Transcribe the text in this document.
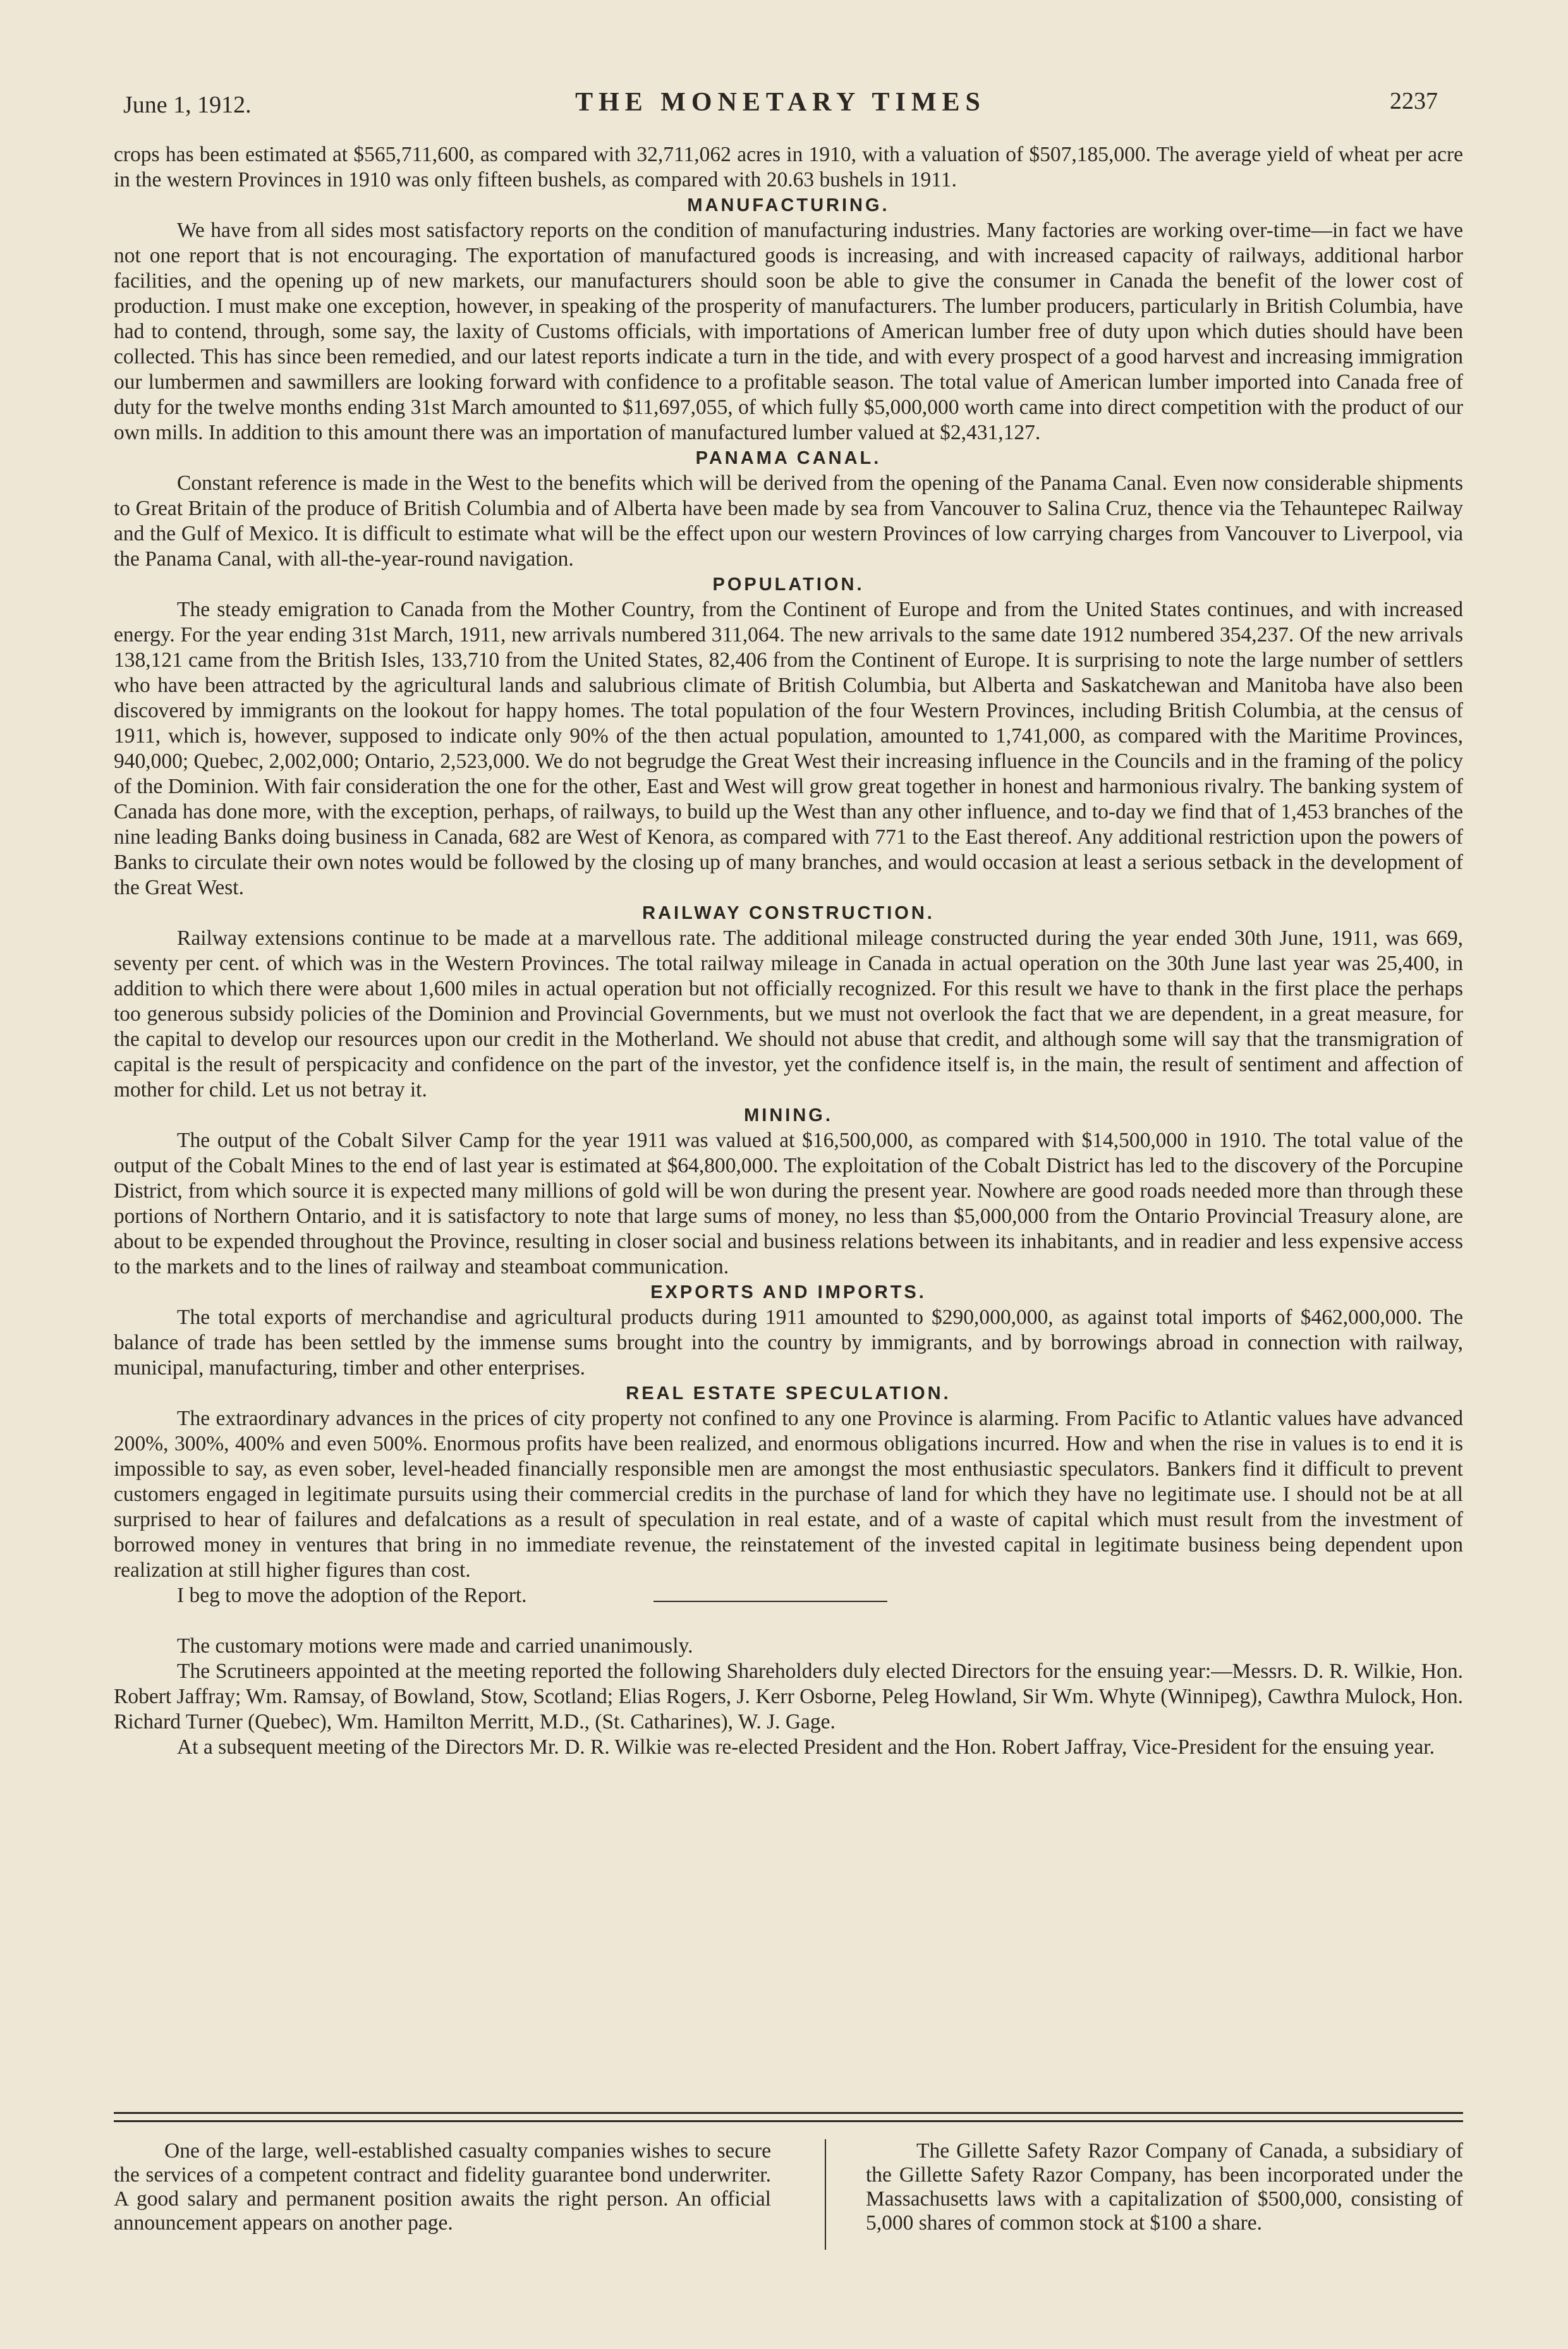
June 1, 1912.	THE MONETARY TIMES	2237

crops has been estimated at $565,711,600, as compared with 32,711,062 acres in 1910, with a valuation of $507,185,000. The average yield of wheat per acre in the western Provinces in 1910 was only fifteen bushels, as compared with 20.63 bushels in 1911.

MANUFACTURING.

We have from all sides most satisfactory reports on the condition of manufacturing industries. Many factories are working over-time—in fact we have not one report that is not encouraging. The exportation of manufactured goods is increasing, and with increased capacity of railways, additional harbor facilities, and the opening up of new markets, our manufacturers should soon be able to give the consumer in Canada the benefit of the lower cost of production. I must make one exception, however, in speaking of the prosperity of manufacturers. The lumber producers, particularly in British Columbia, have had to contend, through, some say, the laxity of Customs officials, with importations of American lumber free of duty upon which duties should have been collected. This has since been remedied, and our latest reports indicate a turn in the tide, and with every prospect of a good harvest and increasing immigration our lumbermen and sawmillers are looking forward with confidence to a profitable season. The total value of American lumber imported into Canada free of duty for the twelve months ending 31st March amounted to $11,697,055, of which fully $5,000,000 worth came into direct competition with the product of our own mills. In addition to this amount there was an importation of manufactured lumber valued at $2,431,127.

PANAMA CANAL.

Constant reference is made in the West to the benefits which will be derived from the opening of the Panama Canal. Even now considerable shipments to Great Britain of the produce of British Columbia and of Alberta have been made by sea from Vancouver to Salina Cruz, thence via the Tehauntepec Railway and the Gulf of Mexico. It is difficult to estimate what will be the effect upon our western Provinces of low carrying charges from Vancouver to Liverpool, via the Panama Canal, with all-the-year-round navigation.

POPULATION.

The steady emigration to Canada from the Mother Country, from the Continent of Europe and from the United States continues, and with increased energy. For the year ending 31st March, 1911, new arrivals numbered 311,064. The new arrivals to the same date 1912 numbered 354,237. Of the new arrivals 138,121 came from the British Isles, 133,710 from the United States, 82,406 from the Continent of Europe. It is surprising to note the large number of settlers who have been attracted by the agricultural lands and salubrious climate of British Columbia, but Alberta and Saskatchewan and Manitoba have also been discovered by immigrants on the lookout for happy homes. The total population of the four Western Provinces, including British Columbia, at the census of 1911, which is, however, supposed to indicate only 90% of the then actual population, amounted to 1,741,000, as compared with the Maritime Provinces, 940,000; Quebec, 2,002,000; Ontario, 2,523,000. We do not begrudge the Great West their increasing influence in the Councils and in the framing of the policy of the Dominion. With fair consideration the one for the other, East and West will grow great together in honest and harmonious rivalry. The banking system of Canada has done more, with the exception, perhaps, of railways, to build up the West than any other influence, and to-day we find that of 1,453 branches of the nine leading Banks doing business in Canada, 682 are West of Kenora, as compared with 771 to the East thereof. Any additional restriction upon the powers of Banks to circulate their own notes would be followed by the closing up of many branches, and would occasion at least a serious setback in the development of the Great West.

RAILWAY CONSTRUCTION.

Railway extensions continue to be made at a marvellous rate. The additional mileage constructed during the year ended 30th June, 1911, was 669, seventy per cent. of which was in the Western Provinces. The total railway mileage in Canada in actual operation on the 30th June last year was 25,400, in addition to which there were about 1,600 miles in actual operation but not officially recognized. For this result we have to thank in the first place the perhaps too generous subsidy policies of the Dominion and Provincial Governments, but we must not overlook the fact that we are dependent, in a great measure, for the capital to develop our resources upon our credit in the Motherland. We should not abuse that credit, and although some will say that the transmigration of capital is the result of perspicacity and confidence on the part of the investor, yet the confidence itself is, in the main, the result of sentiment and affection of mother for child. Let us not betray it.

MINING.

The output of the Cobalt Silver Camp for the year 1911 was valued at $16,500,000, as compared with $14,500,000 in 1910. The total value of the output of the Cobalt Mines to the end of last year is estimated at $64,800,000. The exploitation of the Cobalt District has led to the discovery of the Porcupine District, from which source it is expected many millions of gold will be won during the present year. Nowhere are good roads needed more than through these portions of Northern Ontario, and it is satisfactory to note that large sums of money, no less than $5,000,000 from the Ontario Provincial Treasury alone, are about to be expended throughout the Province, resulting in closer social and business relations between its inhabitants, and in readier and less expensive access to the markets and to the lines of railway and steamboat communication.

EXPORTS AND IMPORTS.

The total exports of merchandise and agricultural products during 1911 amounted to $290,000,000, as against total imports of $462,000,000. The balance of trade has been settled by the immense sums brought into the country by immigrants, and by borrowings abroad in connection with railway, municipal, manufacturing, timber and other enterprises.

REAL ESTATE SPECULATION.

The extraordinary advances in the prices of city property not confined to any one Province is alarming. From Pacific to Atlantic values have advanced 200%, 300%, 400% and even 500%. Enormous profits have been realized, and enormous obligations incurred. How and when the rise in values is to end it is impossible to say, as even sober, level-headed financially responsible men are amongst the most enthusiastic speculators. Bankers find it difficult to prevent customers engaged in legitimate pursuits using their commercial credits in the purchase of land for which they have no legitimate use. I should not be at all surprised to hear of failures and defalcations as a result of speculation in real estate, and of a waste of capital which must result from the investment of borrowed money in ventures that bring in no immediate revenue, the reinstatement of the invested capital in legitimate business being dependent upon realization at still higher figures than cost.

I beg to move the adoption of the Report.

The customary motions were made and carried unanimously.

The Scrutineers appointed at the meeting reported the following Shareholders duly elected Directors for the ensuing year:—Messrs. D. R. Wilkie, Hon. Robert Jaffray; Wm. Ramsay, of Bowland, Stow, Scotland; Elias Rogers, J. Kerr Osborne, Peleg Howland, Sir Wm. Whyte (Winnipeg), Cawthra Mulock, Hon. Richard Turner (Quebec), Wm. Hamilton Merritt, M.D., (St. Catharines), W. J. Gage.

At a subsequent meeting of the Directors Mr. D. R. Wilkie was re-elected President and the Hon. Robert Jaffray, Vice-President for the ensuing year.

One of the large, well-established casualty companies wishes to secure the services of a competent contract and fidelity guarantee bond underwriter. A good salary and permanent position awaits the right person. An official announcement appears on another page.

The Gillette Safety Razor Company of Canada, a subsidiary of the Gillette Safety Razor Company, has been incorporated under the Massachusetts laws with a capitalization of $500,000, consisting of 5,000 shares of common stock at $100 a share.
